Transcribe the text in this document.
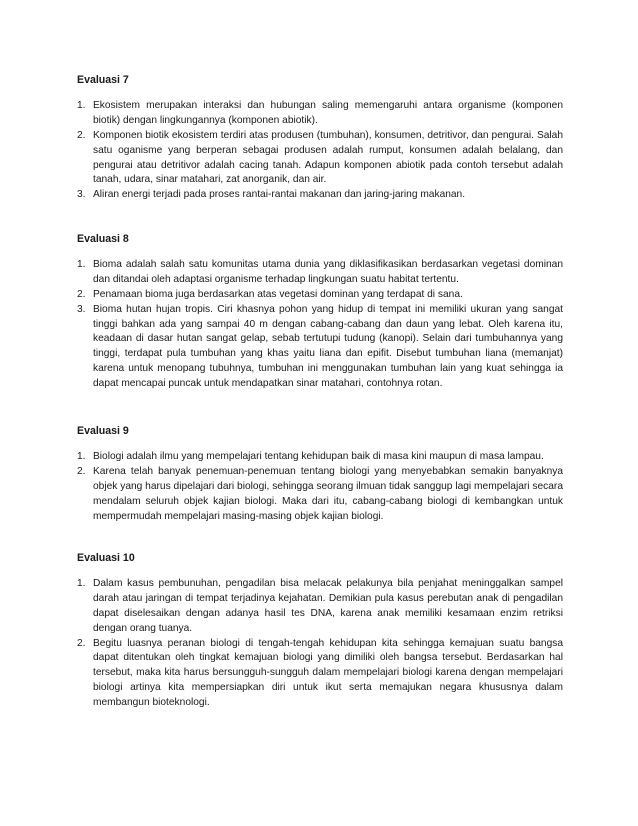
Evaluasi 7
1. Ekosistem merupakan interaksi dan hubungan saling memengaruhi antara organisme (komponen biotik) dengan lingkungannya (komponen abiotik).
2. Komponen biotik ekosistem terdiri atas produsen (tumbuhan), konsumen, detritivor, dan pengurai. Salah satu oganisme yang berperan sebagai produsen adalah rumput, konsumen adalah belalang, dan pengurai atau detritivor adalah cacing tanah. Adapun komponen abiotik pada contoh tersebut adalah tanah, udara, sinar matahari, zat anorganik, dan air.
3. Aliran energi terjadi pada proses rantai-rantai makanan dan jaring-jaring makanan.
Evaluasi 8
1. Bioma adalah salah satu komunitas utama dunia yang diklasifikasikan berdasarkan vegetasi dominan dan ditandai oleh adaptasi organisme terhadap lingkungan suatu habitat tertentu.
2. Penamaan bioma juga berdasarkan atas vegetasi dominan yang terdapat di sana.
3. Bioma hutan hujan tropis. Ciri khasnya pohon yang hidup di tempat ini memiliki ukuran yang sangat tinggi bahkan ada yang sampai 40 m dengan cabang-cabang dan daun yang lebat. Oleh karena itu, keadaan di dasar hutan sangat gelap, sebab tertutupi tudung (kanopi). Selain dari tumbuhannya yang tinggi, terdapat pula tumbuhan yang khas yaitu liana dan epifit. Disebut tumbuhan liana (memanjat) karena untuk menopang tubuhnya, tumbuhan ini menggunakan tumbuhan lain yang kuat sehingga ia dapat mencapai puncak untuk mendapatkan sinar matahari, contohnya rotan.
Evaluasi 9
1. Biologi adalah ilmu yang mempelajari tentang kehidupan baik di masa kini maupun di masa lampau.
2. Karena telah banyak penemuan-penemuan tentang biologi yang menyebabkan semakin banyaknya objek yang harus dipelajari dari biologi, sehingga seorang ilmuan tidak sanggup lagi mempelajari secara mendalam seluruh objek kajian biologi. Maka dari itu, cabang-cabang biologi di kembangkan untuk mempermudah mempelajari masing-masing objek kajian biologi.
Evaluasi 10
1. Dalam kasus pembunuhan, pengadilan bisa melacak pelakunya bila penjahat meninggalkan sampel darah atau jaringan di tempat terjadinya kejahatan. Demikian pula kasus perebutan anak di pengadilan dapat diselesaikan dengan adanya hasil tes DNA, karena anak memiliki kesamaan enzim retriksi dengan orang tuanya.
2. Begitu luasnya peranan biologi di tengah-tengah kehidupan kita sehingga kemajuan suatu bangsa dapat ditentukan oleh tingkat kemajuan biologi yang dimiliki oleh bangsa tersebut. Berdasarkan hal tersebut, maka kita harus bersungguh-sungguh dalam mempelajari biologi karena dengan mempelajari biologi artinya kita mempersiapkan diri untuk ikut serta memajukan negara khususnya dalam membangun bioteknologi.
